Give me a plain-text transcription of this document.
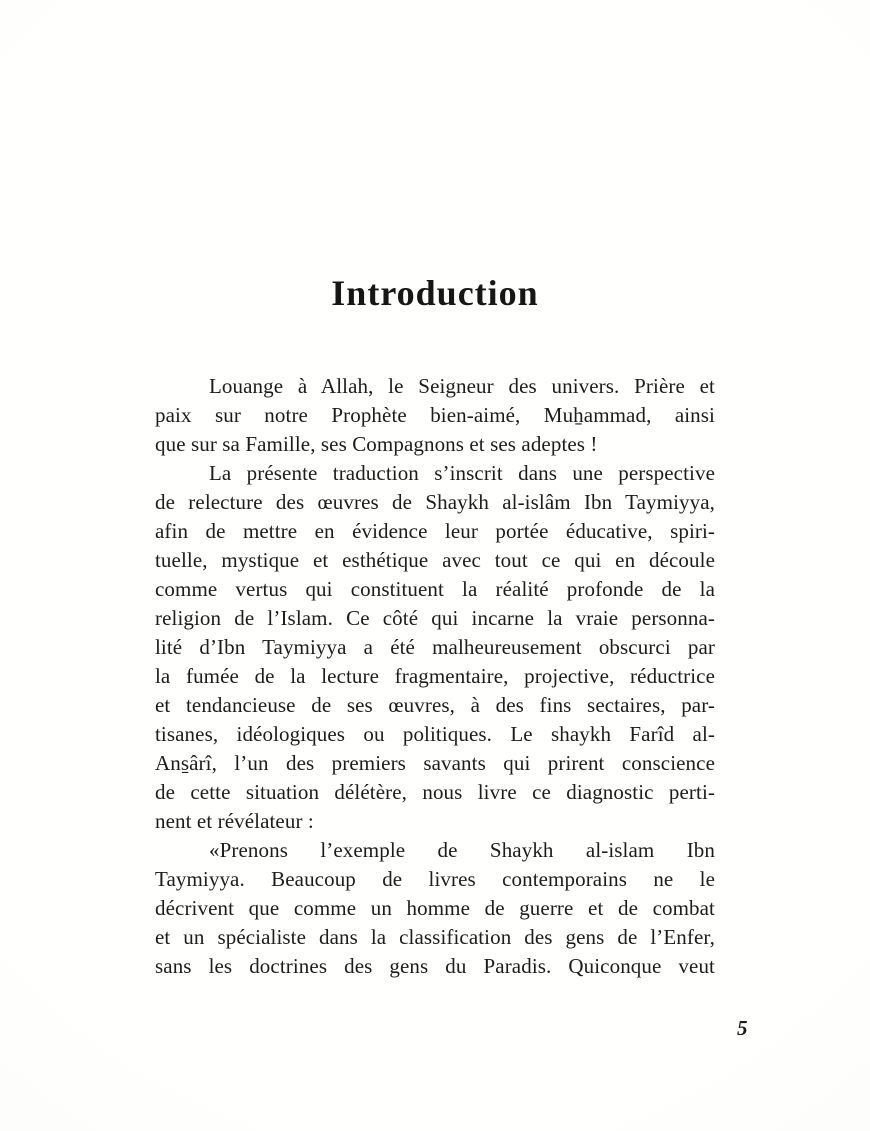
Introduction
Louange à Allah, le Seigneur des univers. Prière et
paix sur notre Prophète bien-aimé, Muẖammad, ainsi
que sur sa Famille, ses Compagnons et ses adeptes !
La présente traduction s’inscrit dans une perspective
de relecture des œuvres de Shaykh al-islâm Ibn Taymiyya,
afin de mettre en évidence leur portée éducative, spiri-
tuelle, mystique et esthétique avec tout ce qui en découle
comme vertus qui constituent la réalité profonde de la
religion de l’Islam. Ce côté qui incarne la vraie personna-
lité d’Ibn Taymiyya a été malheureusement obscurci par
la fumée de la lecture fragmentaire, projective, réductrice
et tendancieuse de ses œuvres, à des fins sectaires, par-
tisanes, idéologiques ou politiques. Le shaykh Farîd al-
Ans̱ârî, l’un des premiers savants qui prirent conscience
de cette situation délétère, nous livre ce diagnostic perti-
nent et révélateur :
«Prenons l’exemple de Shaykh al-islam Ibn
Taymiyya. Beaucoup de livres contemporains ne le
décrivent que comme un homme de guerre et de combat
et un spécialiste dans la classification des gens de l’Enfer,
sans les doctrines des gens du Paradis. Quiconque veut
5
